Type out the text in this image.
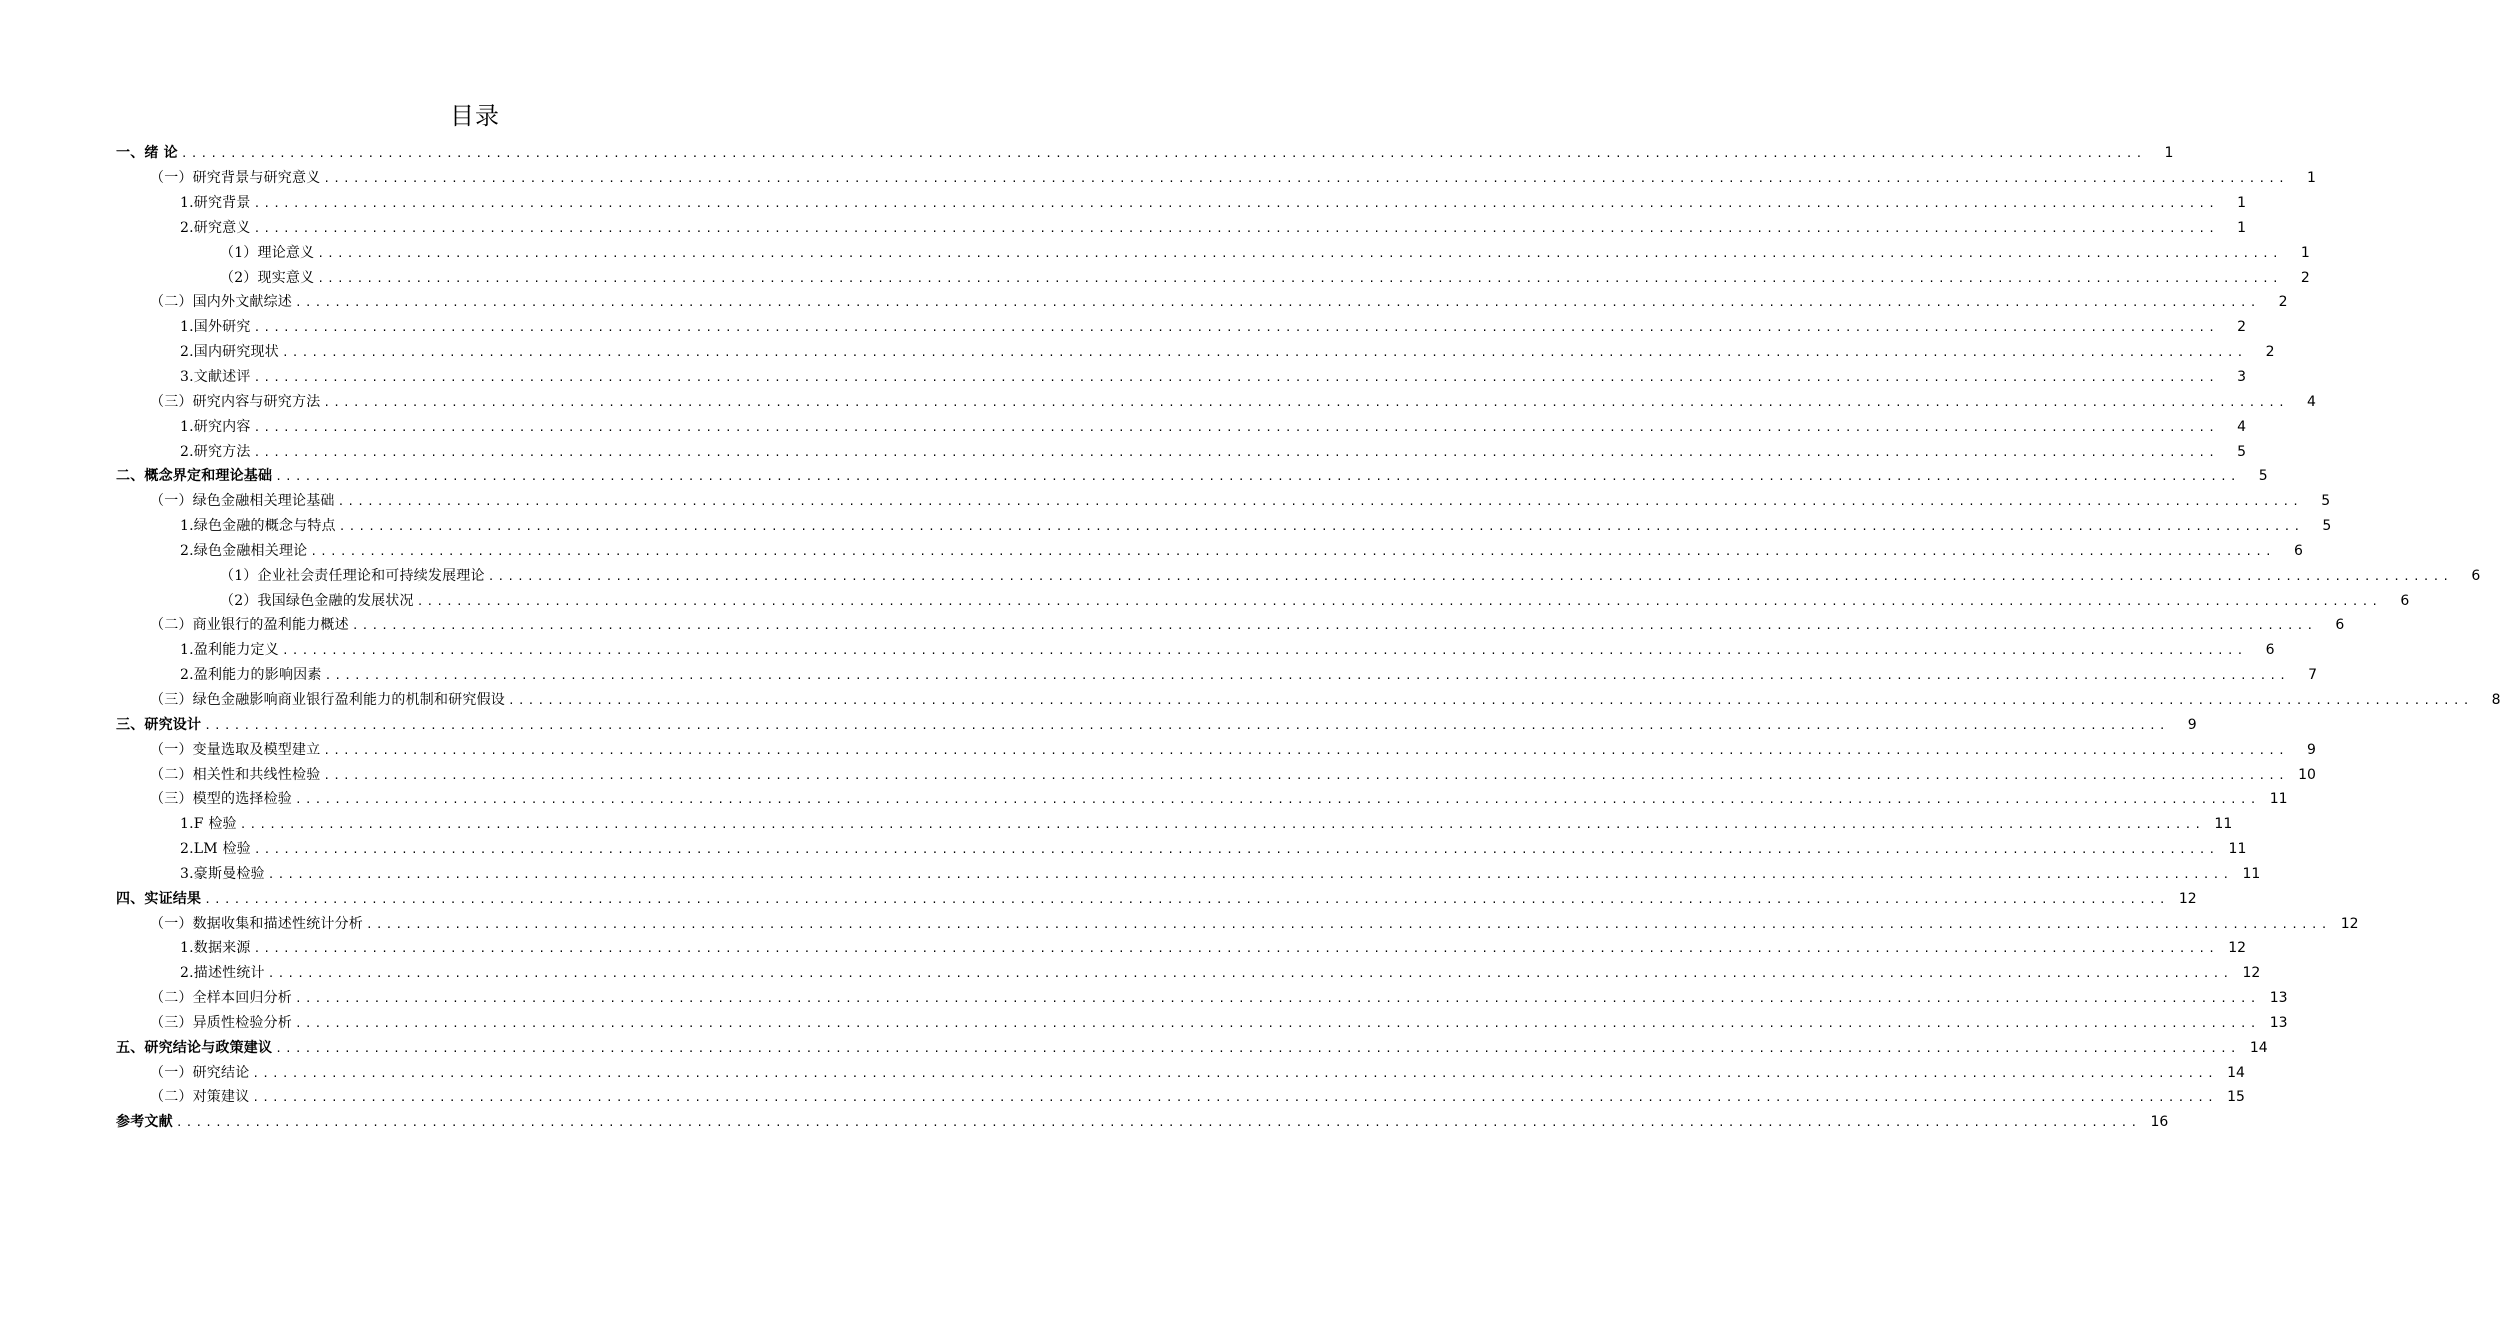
目录
一、绪 论 ........................................................................................................................................................................................................	1
（一）研究背景与研究意义 ........................................................................................................................................................................................................	1
1.研究背景 ........................................................................................................................................................................................................	1
2.研究意义 ........................................................................................................................................................................................................	1
（1）理论意义 ........................................................................................................................................................................................................	1
（2）现实意义 ........................................................................................................................................................................................................	2
（二）国内外文献综述 ........................................................................................................................................................................................................	2
1.国外研究 ........................................................................................................................................................................................................	2
2.国内研究现状 ........................................................................................................................................................................................................	2
3.文献述评 ........................................................................................................................................................................................................	3
（三）研究内容与研究方法 ........................................................................................................................................................................................................	4
1.研究内容 ........................................................................................................................................................................................................	4
2.研究方法 ........................................................................................................................................................................................................	5
二、概念界定和理论基础 ........................................................................................................................................................................................................	5
（一）绿色金融相关理论基础 ........................................................................................................................................................................................................	5
1.绿色金融的概念与特点 ........................................................................................................................................................................................................	5
2.绿色金融相关理论 ........................................................................................................................................................................................................	6
（1）企业社会责任理论和可持续发展理论 ........................................................................................................................................................................................................	6
（2）我国绿色金融的发展状况 ........................................................................................................................................................................................................	6
（二）商业银行的盈利能力概述 ........................................................................................................................................................................................................	6
1.盈利能力定义 ........................................................................................................................................................................................................	6
2.盈利能力的影响因素 ........................................................................................................................................................................................................	7
（三）绿色金融影响商业银行盈利能力的机制和研究假设 ........................................................................................................................................................................................................	8
三、研究设计 ........................................................................................................................................................................................................	9
（一）变量选取及模型建立 ........................................................................................................................................................................................................	9
（二）相关性和共线性检验 ........................................................................................................................................................................................................ 10
（三）模型的选择检验 ........................................................................................................................................................................................................ 11
1.F 检验 ........................................................................................................................................................................................................ 11
2.LM 检验 ........................................................................................................................................................................................................ 11
3.豪斯曼检验 ........................................................................................................................................................................................................ 11
四、实证结果 ........................................................................................................................................................................................................ 12
（一）数据收集和描述性统计分析 ........................................................................................................................................................................................................ 12
1.数据来源 ........................................................................................................................................................................................................ 12
2.描述性统计 ........................................................................................................................................................................................................ 12
（二）全样本回归分析 ........................................................................................................................................................................................................ 13
（三）异质性检验分析 ........................................................................................................................................................................................................ 13
五、研究结论与政策建议 ........................................................................................................................................................................................................ 14
（一）研究结论 ........................................................................................................................................................................................................ 14
（二）对策建议 ........................................................................................................................................................................................................ 15
参考文献 ........................................................................................................................................................................................................ 16
